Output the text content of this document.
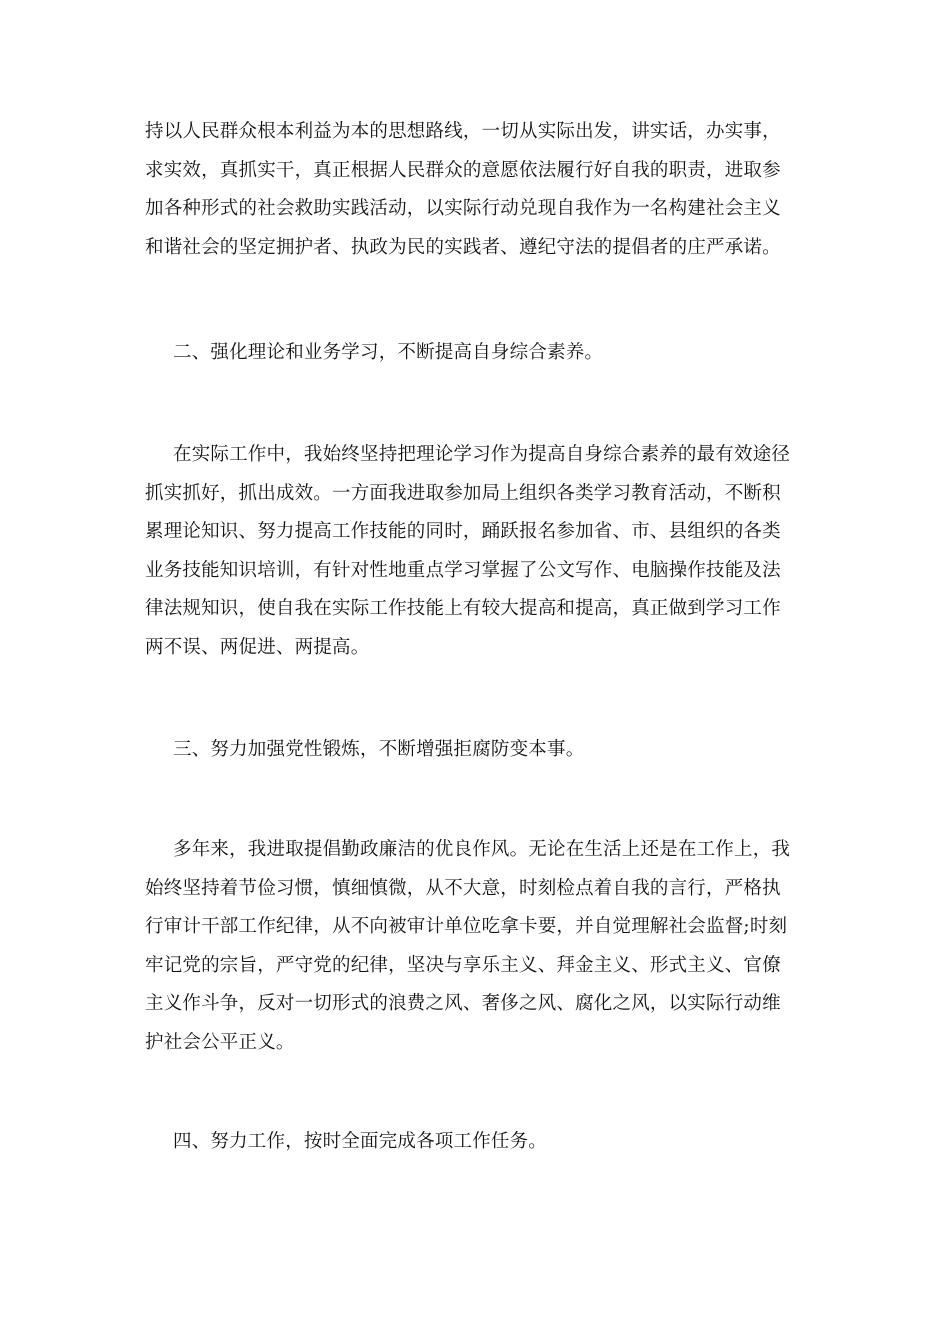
持以人民群众根本利益为本的思想路线，一切从实际出发，讲实话，办实事，
求实效，真抓实干，真正根据人民群众的意愿依法履行好自我的职责，进取参
加各种形式的社会救助实践活动，以实际行动兑现自我作为一名构建社会主义
和谐社会的坚定拥护者、执政为民的实践者、遵纪守法的提倡者的庄严承诺。
二、强化理论和业务学习，不断提高自身综合素养。
在实际工作中，我始终坚持把理论学习作为提高自身综合素养的最有效途径
抓实抓好，抓出成效。一方面我进取参加局上组织各类学习教育活动，不断积
累理论知识、努力提高工作技能的同时，踊跃报名参加省、市、县组织的各类
业务技能知识培训，有针对性地重点学习掌握了公文写作、电脑操作技能及法
律法规知识，使自我在实际工作技能上有较大提高和提高，真正做到学习工作
两不误、两促进、两提高。
三、努力加强党性锻炼，不断增强拒腐防变本事。
多年来，我进取提倡勤政廉洁的优良作风。无论在生活上还是在工作上，我
始终坚持着节俭习惯，慎细慎微，从不大意，时刻检点着自我的言行，严格执
行审计干部工作纪律，从不向被审计单位吃拿卡要，并自觉理解社会监督;时刻
牢记党的宗旨，严守党的纪律，坚决与享乐主义、拜金主义、形式主义、官僚
主义作斗争，反对一切形式的浪费之风、奢侈之风、腐化之风，以实际行动维
护社会公平正义。
四、努力工作，按时全面完成各项工作任务。
